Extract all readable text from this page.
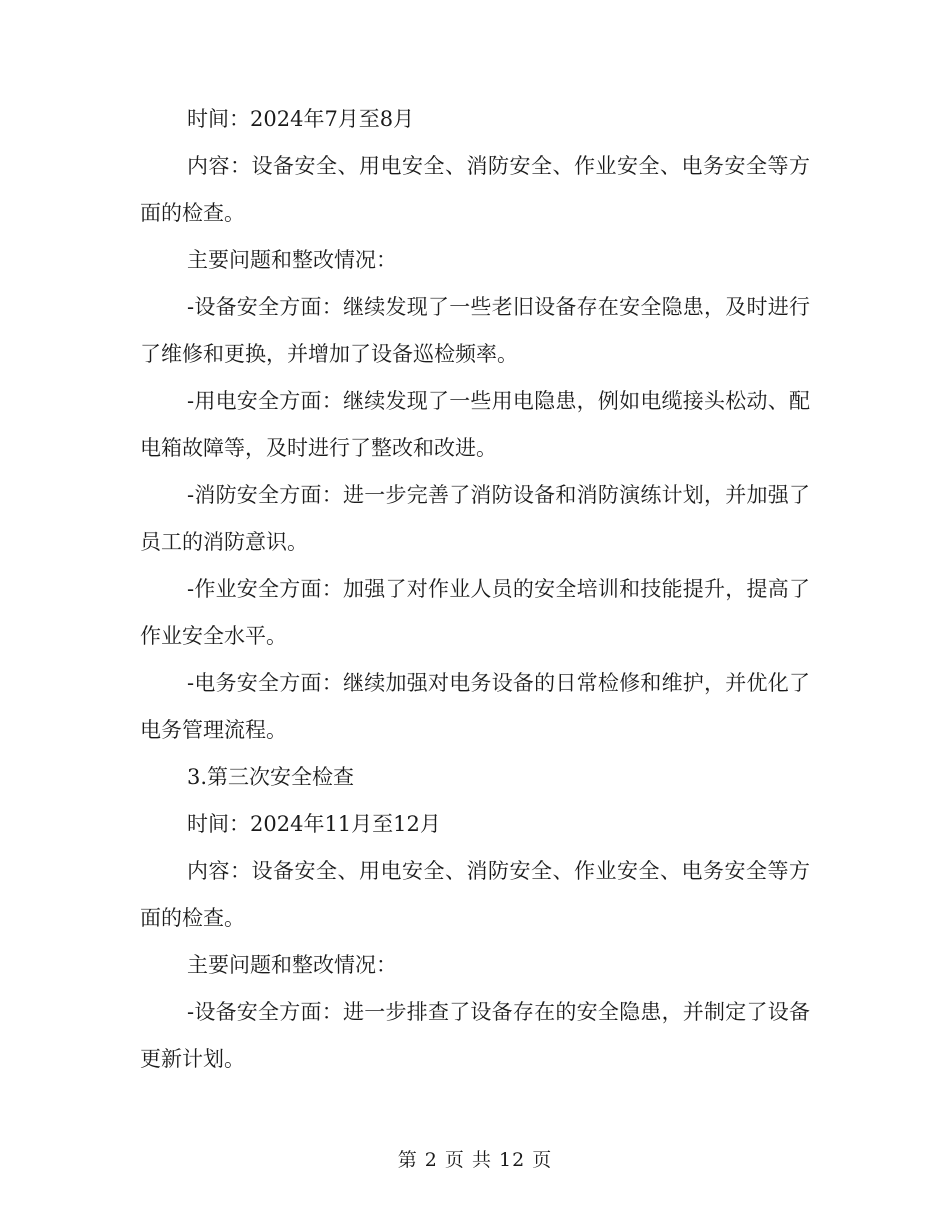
时间：2024年7月至8月

内容：设备安全、用电安全、消防安全、作业安全、电务安全等方面的检查。

主要问题和整改情况：

-设备安全方面：继续发现了一些老旧设备存在安全隐患，及时进行了维修和更换，并增加了设备巡检频率。

-用电安全方面：继续发现了一些用电隐患，例如电缆接头松动、配电箱故障等，及时进行了整改和改进。

-消防安全方面：进一步完善了消防设备和消防演练计划，并加强了员工的消防意识。

-作业安全方面：加强了对作业人员的安全培训和技能提升，提高了作业安全水平。

-电务安全方面：继续加强对电务设备的日常检修和维护，并优化了电务管理流程。

3.第三次安全检查

时间：2024年11月至12月

内容：设备安全、用电安全、消防安全、作业安全、电务安全等方面的检查。

主要问题和整改情况：

-设备安全方面：进一步排查了设备存在的安全隐患，并制定了设备更新计划。

第 2 页 共 12 页
